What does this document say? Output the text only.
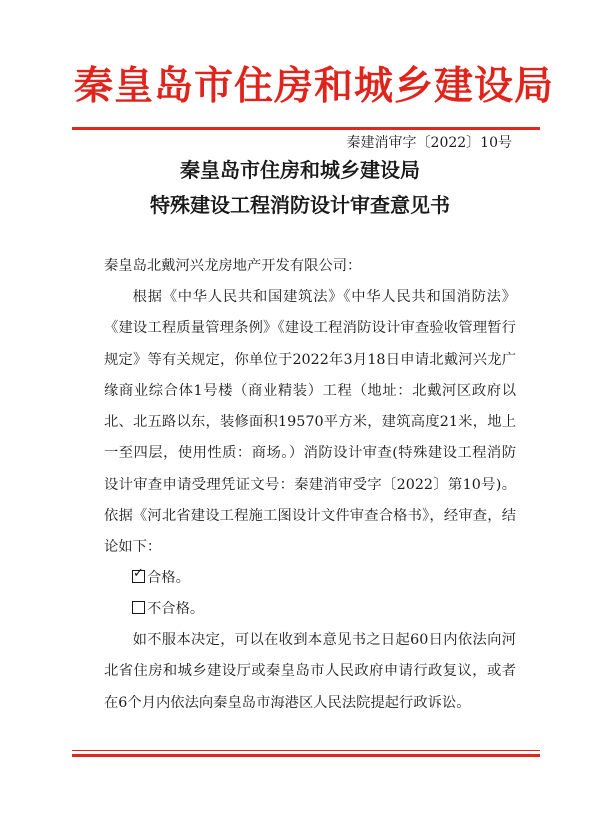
秦皇岛市住房和城乡建设局
秦建消审字〔2022〕10号
秦皇岛市住房和城乡建设局
特殊建设工程消防设计审查意见书
秦皇岛北戴河兴龙房地产开发有限公司：

根据《中华人民共和国建筑法》《中华人民共和国消防法》《建设工程质量管理条例》《建设工程消防设计审查验收管理暂行规定》等有关规定，你单位于2022年3月18日申请北戴河兴龙广缘商业综合体1号楼（商业精装）工程（地址：北戴河区政府以北、北五路以东，装修面积19570平方米，建筑高度21米，地上一至四层，使用性质：商场。）消防设计审查(特殊建设工程消防设计审查申请受理凭证文号：秦建消审受字〔2022〕第10号)。依据《河北省建设工程施工图设计文件审查合格书》，经审查，结论如下：

✓ 合格。
不合格。

如不服本决定，可以在收到本意见书之日起60日内依法向河北省住房和城乡建设厅或秦皇岛市人民政府申请行政复议，或者在6个月内依法向秦皇岛市海港区人民法院提起行政诉讼。
